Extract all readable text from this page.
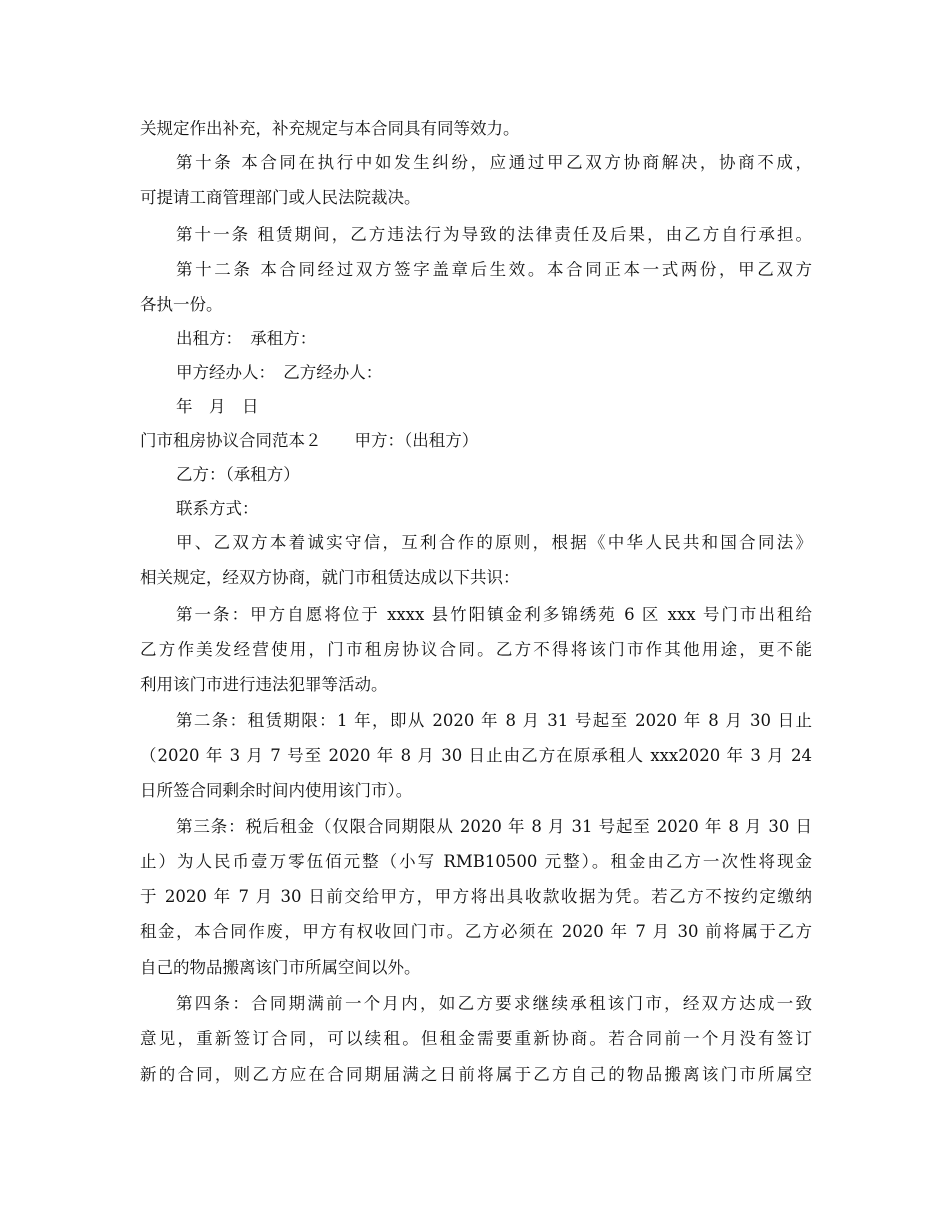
关规定作出补充，补充规定与本合同具有同等效力。
第十条 本合同在执行中如发生纠纷，应通过甲乙双方协商解决，协商不成，
可提请工商管理部门或人民法院裁决。
第十一条 租赁期间，乙方违法行为导致的法律责任及后果，由乙方自行承担。
第十二条 本合同经过双方签字盖章后生效。本合同正本一式两份，甲乙双方
各执一份。
出租方：　承租方：
甲方经办人：　乙方经办人：
年　月　日
门市租房协议合同范本２　　甲方：（出租方）
乙方：（承租方）
联系方式：
甲、乙双方本着诚实守信，互利合作的原则，根据《中华人民共和国合同法》
相关规定，经双方协商，就门市租赁达成以下共识：
第一条：甲方自愿将位于 xxxx 县竹阳镇金利多锦绣苑 6 区 xxx 号门市出租给
乙方作美发经营使用，门市租房协议合同。乙方不得将该门市作其他用途，更不能
利用该门市进行违法犯罪等活动。
第二条：租赁期限：1 年，即从 2020 年 8 月 31 号起至 2020 年 8 月 30 日止
（2020 年 3 月 7 号至 2020 年 8 月 30 日止由乙方在原承租人 xxx2020 年 3 月 24
日所签合同剩余时间内使用该门市）。
第三条：税后租金（仅限合同期限从 2020 年 8 月 31 号起至 2020 年 8 月 30 日
止）为人民币壹万零伍佰元整（小写 RMB10500 元整）。租金由乙方一次性将现金
于 2020 年 7 月 30 日前交给甲方，甲方将出具收款收据为凭。若乙方不按约定缴纳
租金，本合同作废，甲方有权收回门市。乙方必须在 2020 年 7 月 30 前将属于乙方
自己的物品搬离该门市所属空间以外。
第四条：合同期满前一个月内，如乙方要求继续承租该门市，经双方达成一致
意见，重新签订合同，可以续租。但租金需要重新协商。若合同前一个月没有签订
新的合同，则乙方应在合同期届满之日前将属于乙方自己的物品搬离该门市所属空
